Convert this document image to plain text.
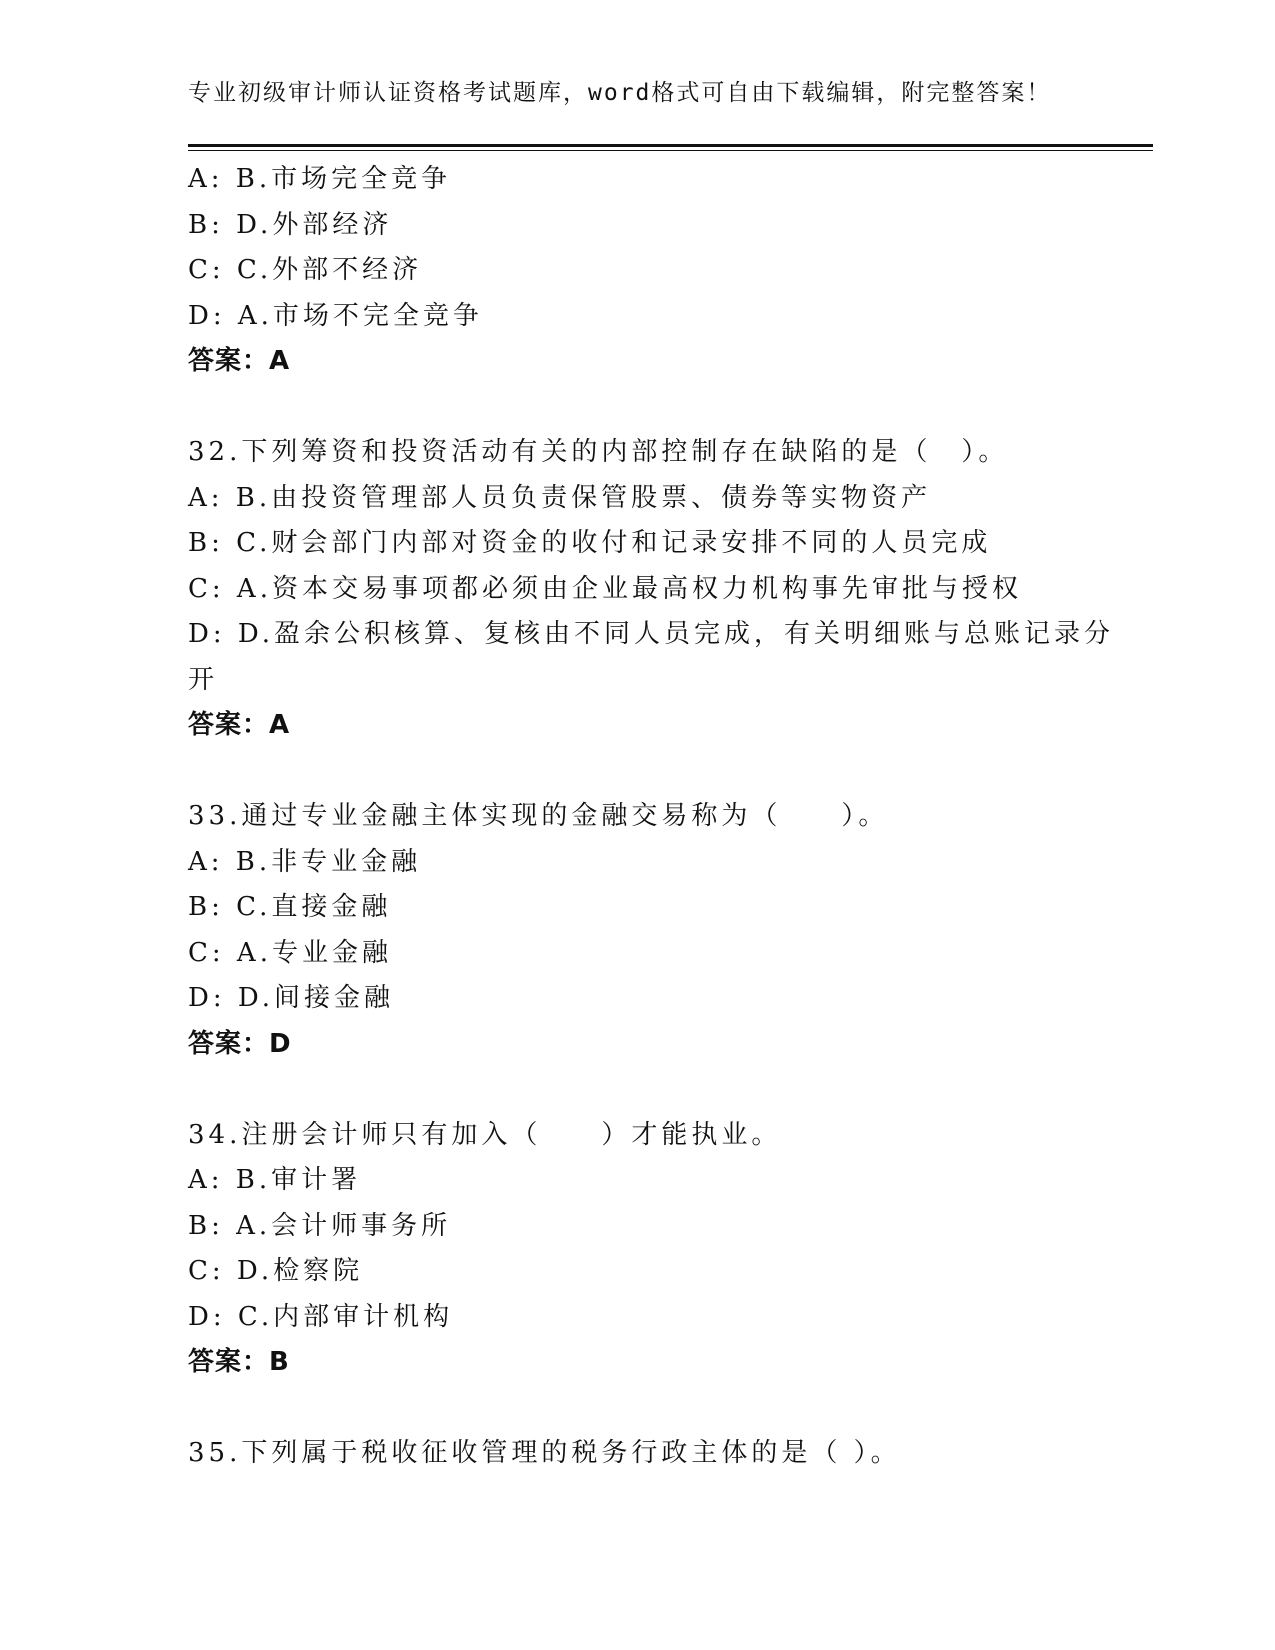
专业初级审计师认证资格考试题库，word格式可自由下载编辑，附完整答案！
A: B.市场完全竞争
B: D.外部经济
C: C.外部不经济
D: A.市场不完全竞争
答案：A
32.下列筹资和投资活动有关的内部控制存在缺陷的是（　）。
A: B.由投资管理部人员负责保管股票、债券等实物资产
B: C.财会部门内部对资金的收付和记录安排不同的人员完成
C: A.资本交易事项都必须由企业最高权力机构事先审批与授权
D: D.盈余公积核算、复核由不同人员完成，有关明细账与总账记录分
开
答案：A
33.通过专业金融主体实现的金融交易称为（　　）。
A: B.非专业金融
B: C.直接金融
C: A.专业金融
D: D.间接金融
答案：D
34.注册会计师只有加入（　　）才能执业。
A: B.审计署
B: A.会计师事务所
C: D.检察院
D: C.内部审计机构
答案：B
35.下列属于税收征收管理的税务行政主体的是（ ）。
